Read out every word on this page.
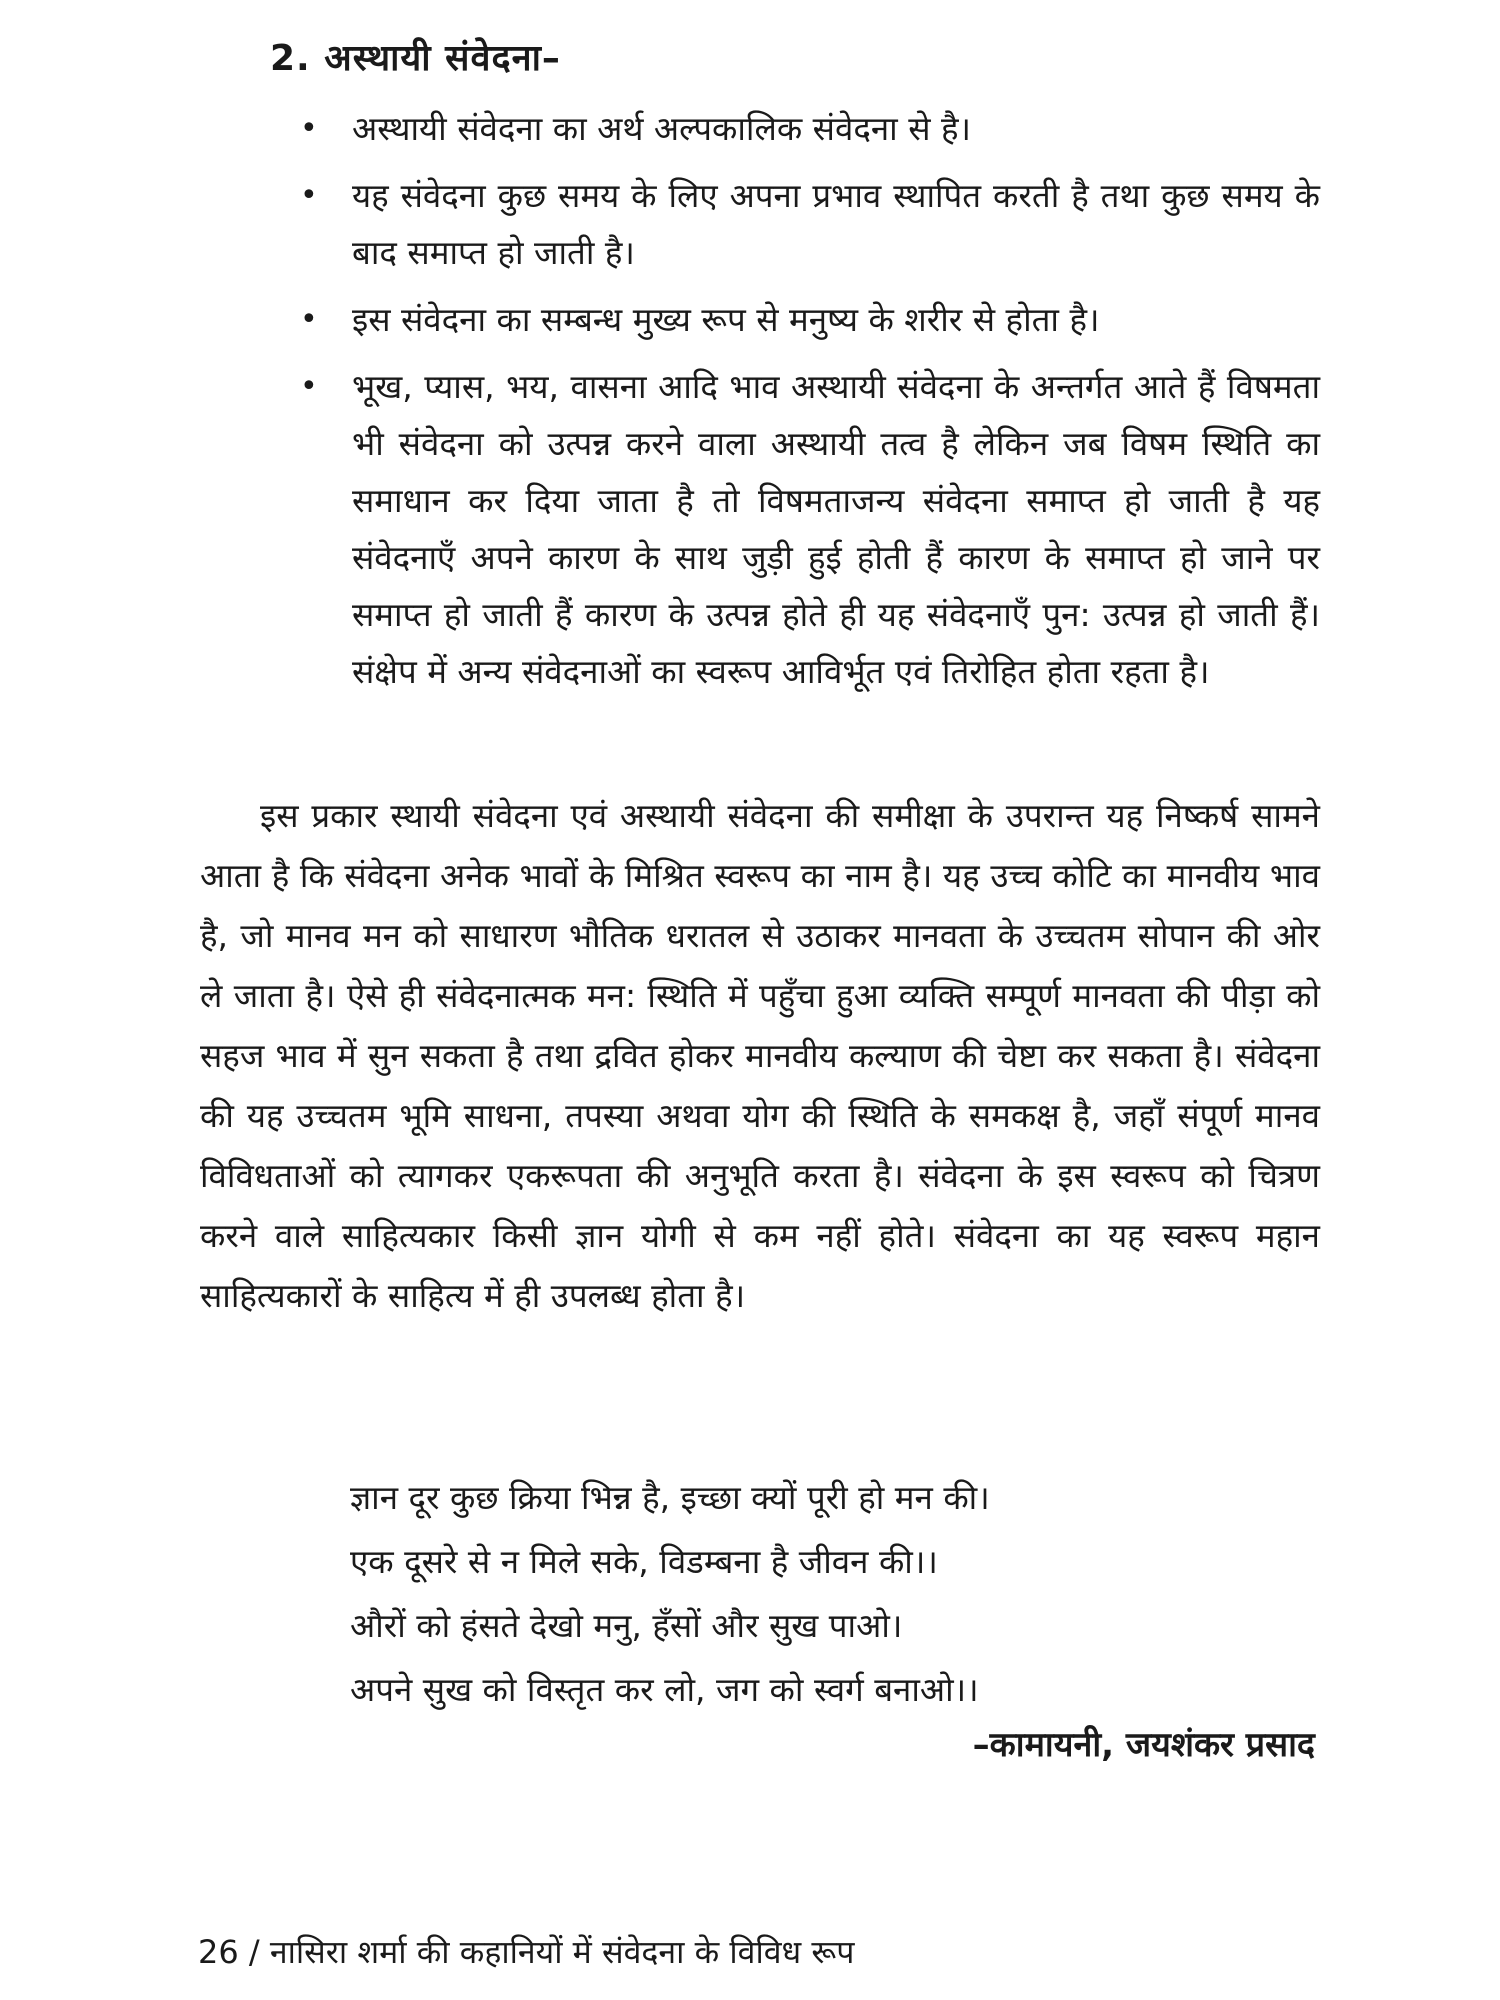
2. अस्थायी संवेदना–
• अस्थायी संवेदना का अर्थ अल्पकालिक संवेदना से है।
• यह संवेदना कुछ समय के लिए अपना प्रभाव स्थापित करती है तथा कुछ समय के बाद समाप्त हो जाती है।
• इस संवेदना का सम्बन्ध मुख्य रूप से मनुष्य के शरीर से होता है।
• भूख, प्यास, भय, वासना आदि भाव अस्थायी संवेदना के अन्तर्गत आते हैं विषमता भी संवेदना को उत्पन्न करने वाला अस्थायी तत्व है लेकिन जब विषम स्थिति का समाधान कर दिया जाता है तो विषमताजन्य संवेदना समाप्त हो जाती है यह संवेदनाएँ अपने कारण के साथ जुड़ी हुई होती हैं कारण के समाप्त हो जाने पर समाप्त हो जाती हैं कारण के उत्पन्न होते ही यह संवेदनाएँ पुन: उत्पन्न हो जाती हैं। संक्षेप में अन्य संवेदनाओं का स्वरूप आविर्भूत एवं तिरोहित होता रहता है।

इस प्रकार स्थायी संवेदना एवं अस्थायी संवेदना की समीक्षा के उपरान्त यह निष्कर्ष सामने आता है कि संवेदना अनेक भावों के मिश्रित स्वरूप का नाम है। यह उच्च कोटि का मानवीय भाव है, जो मानव मन को साधारण भौतिक धरातल से उठाकर मानवता के उच्चतम सोपान की ओर ले जाता है। ऐसे ही संवेदनात्मक मन: स्थिति में पहुँचा हुआ व्यक्ति सम्पूर्ण मानवता की पीड़ा को सहज भाव में सुन सकता है तथा द्रवित होकर मानवीय कल्याण की चेष्टा कर सकता है। संवेदना की यह उच्चतम भूमि साधना, तपस्या अथवा योग की स्थिति के समकक्ष है, जहाँ संपूर्ण मानव विविधताओं को त्यागकर एकरूपता की अनुभूति करता है। संवेदना के इस स्वरूप को चित्रण करने वाले साहित्यकार किसी ज्ञान योगी से कम नहीं होते। संवेदना का यह स्वरूप महान साहित्यकारों के साहित्य में ही उपलब्ध होता है।

ज्ञान दूर कुछ क्रिया भिन्न है, इच्छा क्यों पूरी हो मन की।
एक दूसरे से न मिले सके, विडम्बना है जीवन की।।
औरों को हंसते देखो मनु, हँसों और सुख पाओ।
अपने सुख को विस्तृत कर लो, जग को स्वर्ग बनाओ।।
–कामायनी, जयशंकर प्रसाद
26 / नासिरा शर्मा की कहानियों में संवेदना के विविध रूप
